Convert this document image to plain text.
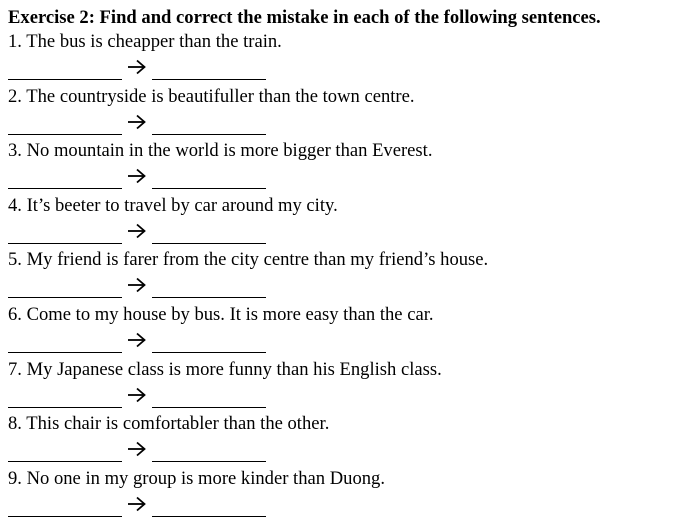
Exercise 2: Find and correct the mistake in each of the following sentences.
1. The bus is cheapper than the train.
2. The countryside is beautifuller than the town centre.
3. No mountain in the world is more bigger than Everest.
4. It’s beeter to travel by car around my city.
5. My friend is farer from the city centre than my friend’s house.
6. Come to my house by bus. It is more easy than the car.
7. My Japanese class is more funny than his English class.
8. This chair is comfortabler than the other.
9. No one in my group is more kinder than Duong.
